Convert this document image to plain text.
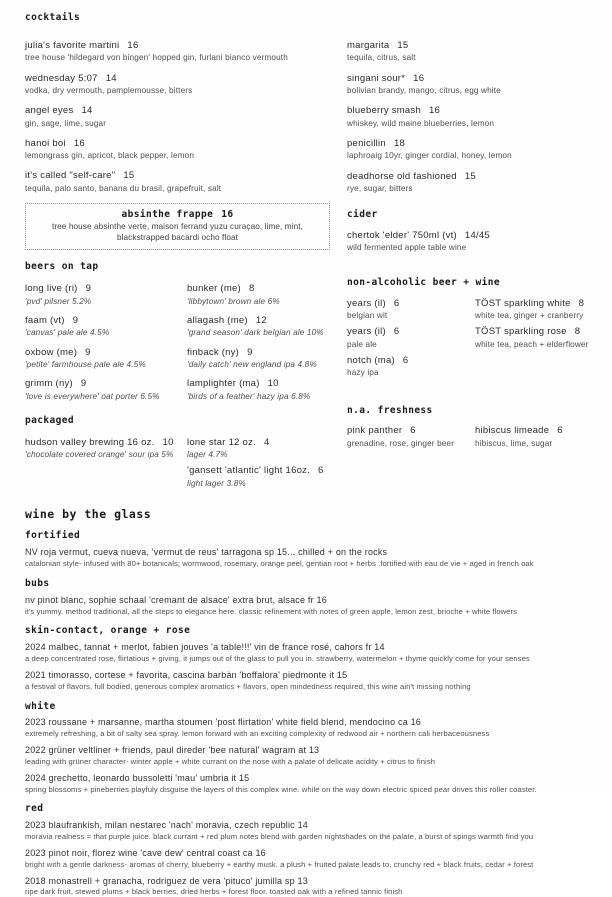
cocktails
julia's favorite martini 16
tree house 'hildegard von bingen' hopped gin, furlani bianco vermouth
wednesday 5:07 14
vodka, dry vermouth, pamplemousse, bitters
angel eyes 14
gin, sage, lime, sugar
hanoi boi 16
lemongrass gin, apricot, black pepper, lemon
it's called "self-care" 15
tequila, palo santo, banana du brasil, grapefruit, salt
absinthe frappe 16
tree house absinthe verte, maison ferrand yuzu curaçao, lime, mint, blackstrapped bacardi ocho float
beers on tap
long live (ri) 9
'pvd' pilsner 5.2%
bunker (me) 8
'libbytown' brown ale 6%
faam (vt) 9
'canvas' pale ale 4.5%
allagash (me) 12
'grand season' dark belgian ale 10%
oxbow (me) 9
'petite' farmhouse pale ale 4.5%
finback (ny) 9
'daily catch' new england ipa 4.8%
grimm (ny) 9
'love is everywhere' oat porter 6.5%
lamplighter (ma) 10
'birds of a feather' hazy ipa 6.8%
packaged
hudson valley brewing 16 oz. 10
'chocolate covered orange' sour ipa 5%
lone star 12 oz. 4
lager 4.7%
'gansett 'atlantic' light 16oz. 6
light lager 3.8%
margarita 15
tequila, citrus, salt
singani sour* 16
bolivian brandy, mango, citrus, egg white
blueberry smash 16
whiskey, wild maine blueberries, lemon
penicillin 18
laphroaig 10yr, ginger cordial, honey, lemon
deadhorse old fashioned 15
rye, sugar, bitters
cider
chertok 'elder' 750ml (vt) 14/45
wild fermented apple table wine
non-alcoholic beer + wine
years (il) 6
belgian wit
years (il) 6
pale ale
notch (ma) 6
hazy ipa
TÖST sparkling white 8
white tea, ginger + cranberry
TÖST sparkling rose 8
white tea, peach + elderflower
n.a. freshness
pink panther 6
grenadine, rose, ginger beer
hibiscus limeade 6
hibiscus, lime, sugar
wine by the glass
fortified
NV roja vermut, cueva nueva, 'vermut de reus' tarragona sp 15... chilled + on the rocks
catalonian style- infused with 80+ botanicals; wormwood, rosemary, orange peel, gentian root + herbs .fortified with eau de vie + aged in french oak
bubs
nv pinot blanc, sophie schaal 'cremant de alsace' extra brut, alsace fr 16
it's yummy. method traditional, all the steps to elegance here. classic refinement with notes of green apple, lemon zest, brioche + white flowers
skin-contact, orange + rose
2024 malbec, tannat + merlot, fabien jouves 'a table!!!' vin de france rosé, cahors fr 14
a deep concentrated rose, flirtatious + giving, it jumps out of the glass to pull you in. strawberry, watermelon + thyme quickly come for your senses
2021 timorasso, cortese + favorita, cascina barbàn 'boffalora' piedmonte it 15
a festival of flavors, full bodied, generous complex aromatics + flavors, open mindedness required, this wine ain't missing nothing
white
2023 roussane + marsanne, martha stoumen 'post flirtation' white field blend, mendocino ca 16
extremely refreshing, a bit of salty sea spray. lemon forward with an exciting complexity of redwood air + northern cali herbaceousness
2022 grüner veltliner + friends, paul direder 'bee natural' wagram at 13
leading with grüner character- winter apple + white currant on the nose with a palate of delicate acidity + citrus to finish
2024 grechetto, leonardo bussoletti 'mau' umbria it 15
spring blossoms + pineberries playfuly disguise the layers of this complex wine. while on the way down electric spiced pear drives this roller coaster.
red
2023 blaufrankish, milan nestarec 'nach' moravia, czech republic 14
moravia realness = that purple juice. black currant + red plum notes blend with garden nightshades on the palate, a burst of spings warmth find you
2023 pinot noir, florez wine 'cave dew' central coast ca 16
bright with a gentle darkness- aromas of cherry, blueberry + earthy musk. a plush + fruited palate leads to, crunchy red + black fruits, cedar + forest
2018 monastrell + granacha, rodriguez de vera 'pituco' jumilla sp 13
ripe dark fruit, stewed plums + black berries, dried herbs + forest floor. toasted oak with a refined tannic finish
